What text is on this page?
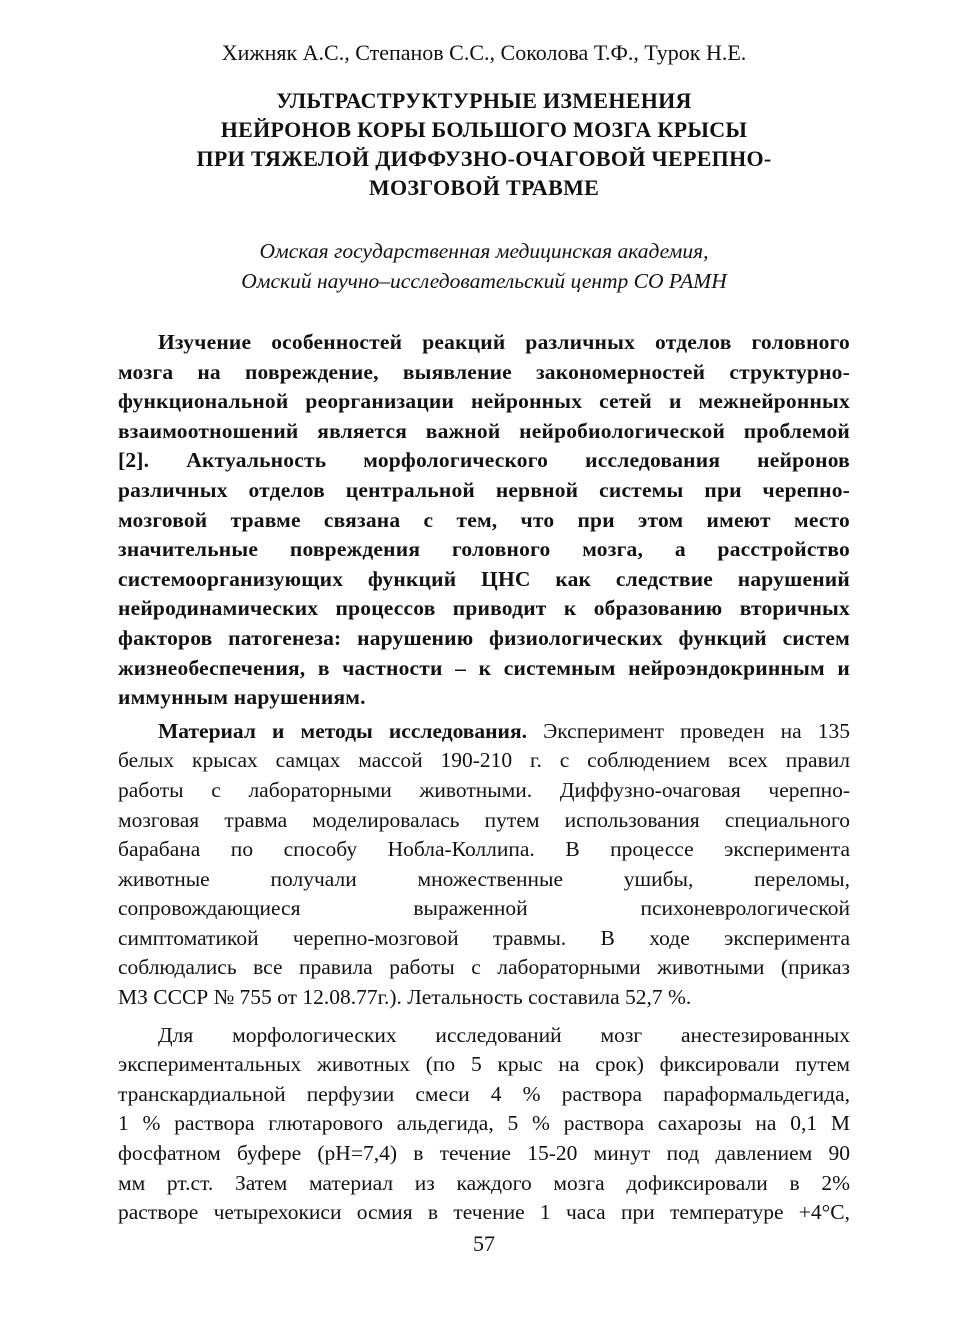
Хижняк А.С., Степанов С.С., Соколова Т.Ф., Турок Н.Е.
УЛЬТРАСТРУКТУРНЫЕ ИЗМЕНЕНИЯ
НЕЙРОНОВ КОРЫ БОЛЬШОГО МОЗГА КРЫСЫ
ПРИ ТЯЖЕЛОЙ ДИФФУЗНО-ОЧАГОВОЙ ЧЕРЕПНО-
МОЗГОВОЙ ТРАВМЕ
Омская государственная медицинская академия,
Омский научно–исследовательский центр СО РАМН
Изучение особенностей реакций различных отделов головного
мозга на повреждение, выявление закономерностей структурно-
функциональной реорганизации нейронных сетей и межнейронных
взаимоотношений является важной нейробиологической проблемой
[2]. Актуальность морфологического исследования нейронов
различных отделов центральной нервной системы при черепно-
мозговой травме связана с тем, что при этом имеют место
значительные повреждения головного мозга, а расстройство
системоорганизующих функций ЦНС как следствие нарушений
нейродинамических процессов приводит к образованию вторичных
факторов патогенеза: нарушению физиологических функций систем
жизнеобеспечения, в частности – к системным нейроэндокринным и
иммунным нарушениям.
Материал и методы исследования. Эксперимент проведен на 135
белых крысах самцах массой 190-210 г. с соблюдением всех правил
работы с лабораторными животными. Диффузно-очаговая черепно-
мозговая травма моделировалась путем использования специального
барабана по способу Нобла-Коллипа. В процессе эксперимента
животные получали множественные ушибы, переломы,
сопровождающиеся выраженной психоневрологической
симптоматикой черепно-мозговой травмы. В ходе эксперимента
соблюдались все правила работы с лабораторными животными (приказ
МЗ СССР № 755 от 12.08.77г.). Летальность составила 52,7 %.
Для морфологических исследований мозг анестезированных
экспериментальных животных (по 5 крыс на срок) фиксировали путем
транскардиальной перфузии смеси 4 % раствора параформальдегида,
1 % раствора глютарового альдегида, 5 % раствора сахарозы на 0,1 М
фосфатном буфере (pH=7,4) в течение 15-20 минут под давлением 90
мм рт.ст. Затем материал из каждого мозга дофиксировали в 2%
растворе четырехокиси осмия в течение 1 часа при температуре +4°С,
57
